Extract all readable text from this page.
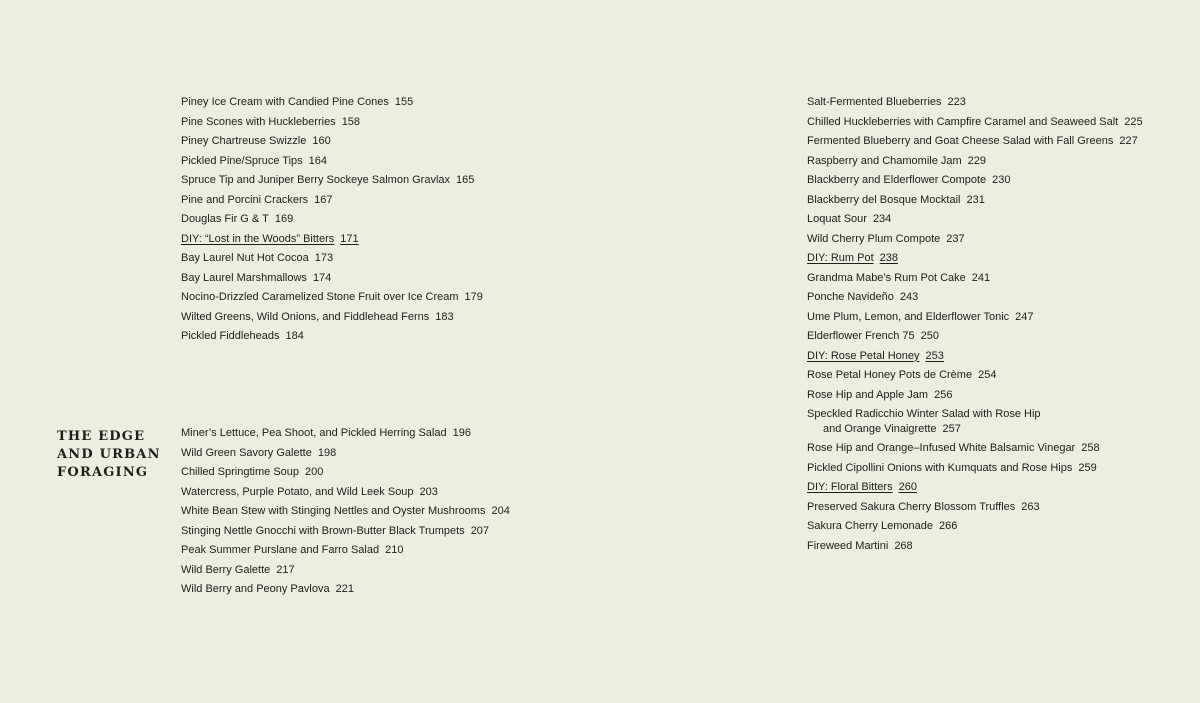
THE EDGE
AND URBAN
FORAGING
Piney Ice Cream with Candied Pine Cones 155
Pine Scones with Huckleberries 158
Piney Chartreuse Swizzle 160
Pickled Pine/Spruce Tips 164
Spruce Tip and Juniper Berry Sockeye Salmon Gravlax 165
Pine and Porcini Crackers 167
Douglas Fir G & T 169
DIY: “Lost in the Woods” Bitters 171
Bay Laurel Nut Hot Cocoa 173
Bay Laurel Marshmallows 174
Nocino-Drizzled Caramelized Stone Fruit over Ice Cream 179
Wilted Greens, Wild Onions, and Fiddlehead Ferns 183
Pickled Fiddleheads 184
Miner’s Lettuce, Pea Shoot, and Pickled Herring Salad 196
Wild Green Savory Galette 198
Chilled Springtime Soup 200
Watercress, Purple Potato, and Wild Leek Soup 203
White Bean Stew with Stinging Nettles and Oyster Mushrooms 204
Stinging Nettle Gnocchi with Brown-Butter Black Trumpets 207
Peak Summer Purslane and Farro Salad 210
Wild Berry Galette 217
Wild Berry and Peony Pavlova 221
Salt-Fermented Blueberries 223
Chilled Huckleberries with Campfire Caramel and Seaweed Salt 225
Fermented Blueberry and Goat Cheese Salad with Fall Greens 227
Raspberry and Chamomile Jam 229
Blackberry and Elderflower Compote 230
Blackberry del Bosque Mocktail 231
Loquat Sour 234
Wild Cherry Plum Compote 237
DIY: Rum Pot 238
Grandma Mabe’s Rum Pot Cake 241
Ponche Navideño 243
Ume Plum, Lemon, and Elderflower Tonic 247
Elderflower French 75 250
DIY: Rose Petal Honey 253
Rose Petal Honey Pots de Crème 254
Rose Hip and Apple Jam 256
Speckled Radicchio Winter Salad with Rose Hip and Orange Vinaigrette 257
Rose Hip and Orange–Infused White Balsamic Vinegar 258
Pickled Cipollini Onions with Kumquats and Rose Hips 259
DIY: Floral Bitters 260
Preserved Sakura Cherry Blossom Truffles 263
Sakura Cherry Lemonade 266
Fireweed Martini 268
